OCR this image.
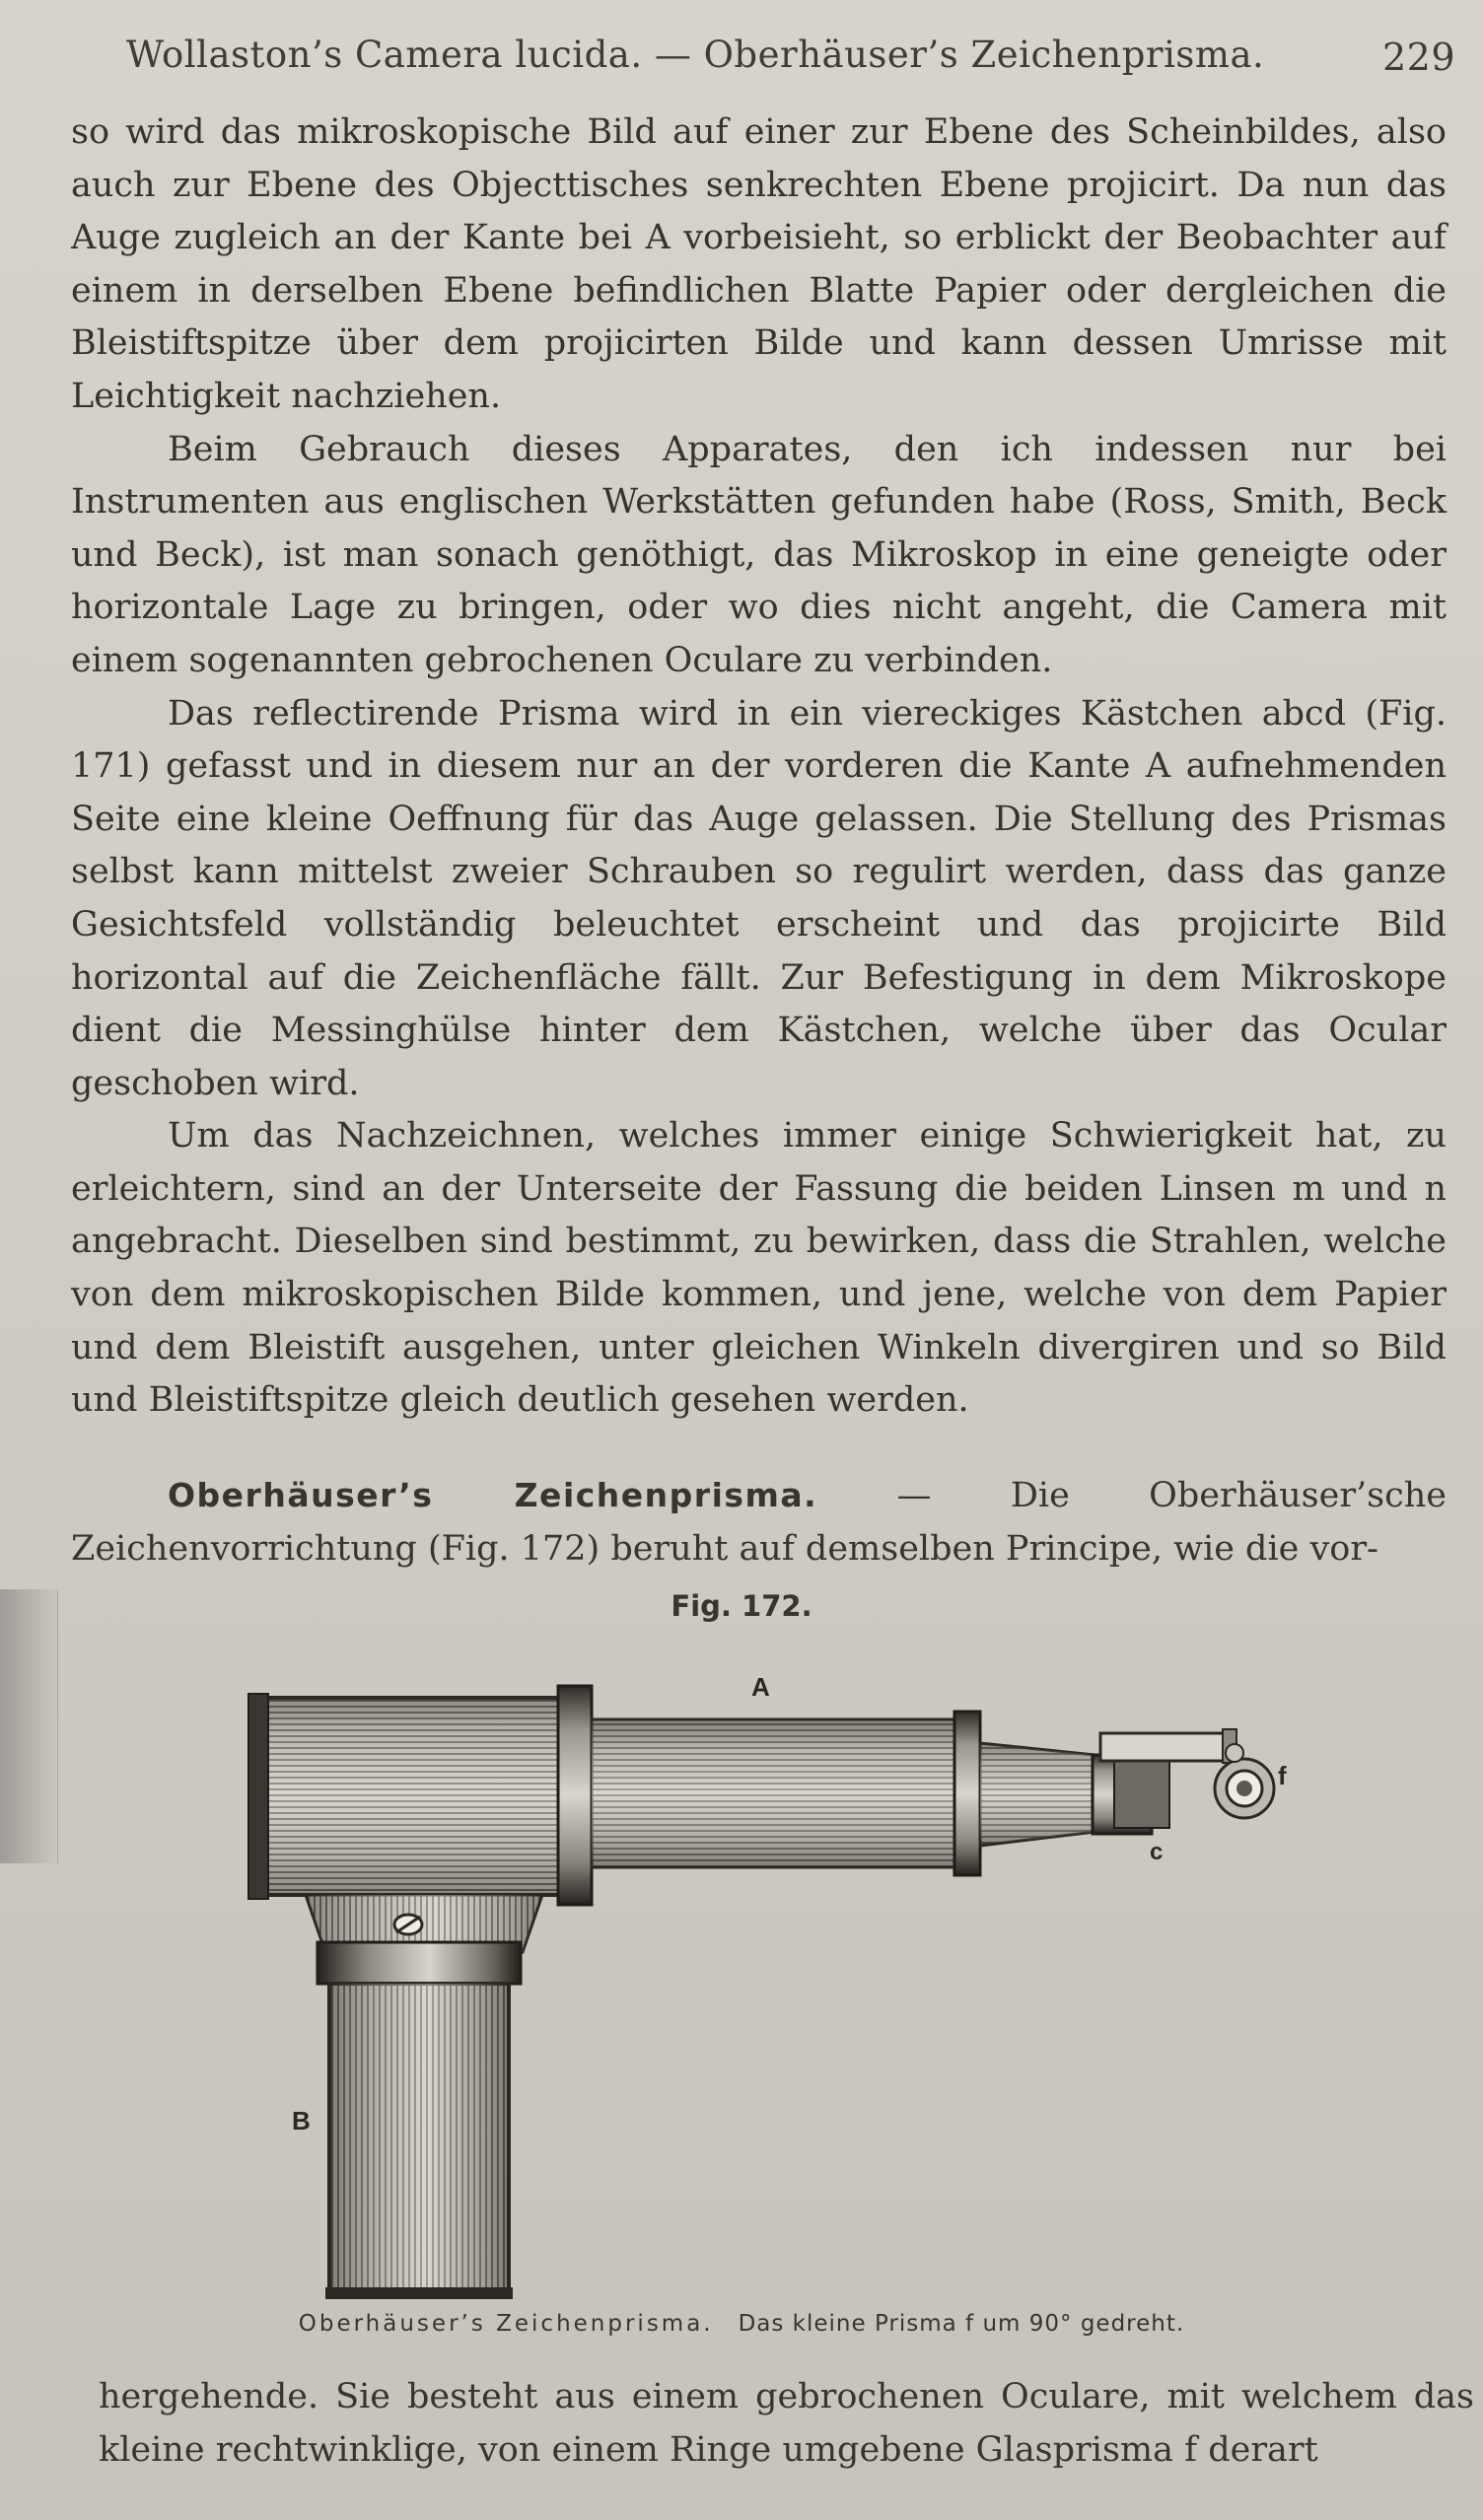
Wollaston’s Camera lucida. — Oberhäuser’s Zeichenprisma.	229

so wird das mikroskopische Bild auf einer zur Ebene des Scheinbildes, also auch zur Ebene des Objecttisches senkrechten Ebene projicirt. Da nun das Auge zugleich an der Kante bei A vorbeisieht, so erblickt der Beobachter auf einem in derselben Ebene befindlichen Blatte Papier oder dergleichen die Bleistiftspitze über dem projicirten Bilde und kann dessen Umrisse mit Leichtigkeit nachziehen.

Beim Gebrauch dieses Apparates, den ich indessen nur bei Instrumenten aus englischen Werkstätten gefunden habe (Ross, Smith, Beck und Beck), ist man sonach genöthigt, das Mikroskop in eine geneigte oder horizontale Lage zu bringen, oder wo dies nicht angeht, die Camera mit einem sogenannten gebrochenen Oculare zu verbinden.

Das reflectirende Prisma wird in ein viereckiges Kästchen abcd (Fig. 171) gefasst und in diesem nur an der vorderen die Kante A aufnehmenden Seite eine kleine Oeffnung für das Auge gelassen. Die Stellung des Prismas selbst kann mittelst zweier Schrauben so regulirt werden, dass das ganze Gesichtsfeld vollständig beleuchtet erscheint und das projicirte Bild horizontal auf die Zeichenfläche fällt. Zur Befestigung in dem Mikroskope dient die Messinghülse hinter dem Kästchen, welche über das Ocular geschoben wird.

Um das Nachzeichnen, welches immer einige Schwierigkeit hat, zu erleichtern, sind an der Unterseite der Fassung die beiden Linsen m und n angebracht. Dieselben sind bestimmt, zu bewirken, dass die Strahlen, welche von dem mikroskopischen Bilde kommen, und jene, welche von dem Papier und dem Bleistift ausgehen, unter gleichen Winkeln divergiren und so Bild und Bleistiftspitze gleich deutlich gesehen werden.

Oberhäuser’s Zeichenprisma. — Die Oberhäuser’sche Zeichenvorrichtung (Fig. 172) beruht auf demselben Principe, wie die vor-
Fig. 172.
A
B
c
f
Oberhäuser’s Zeichenprisma. Das kleine Prisma f um 90° gedreht.

hergehende. Sie besteht aus einem gebrochenen Oculare, mit welchem das kleine rechtwinklige, von einem Ringe umgebene Glasprisma f derart
